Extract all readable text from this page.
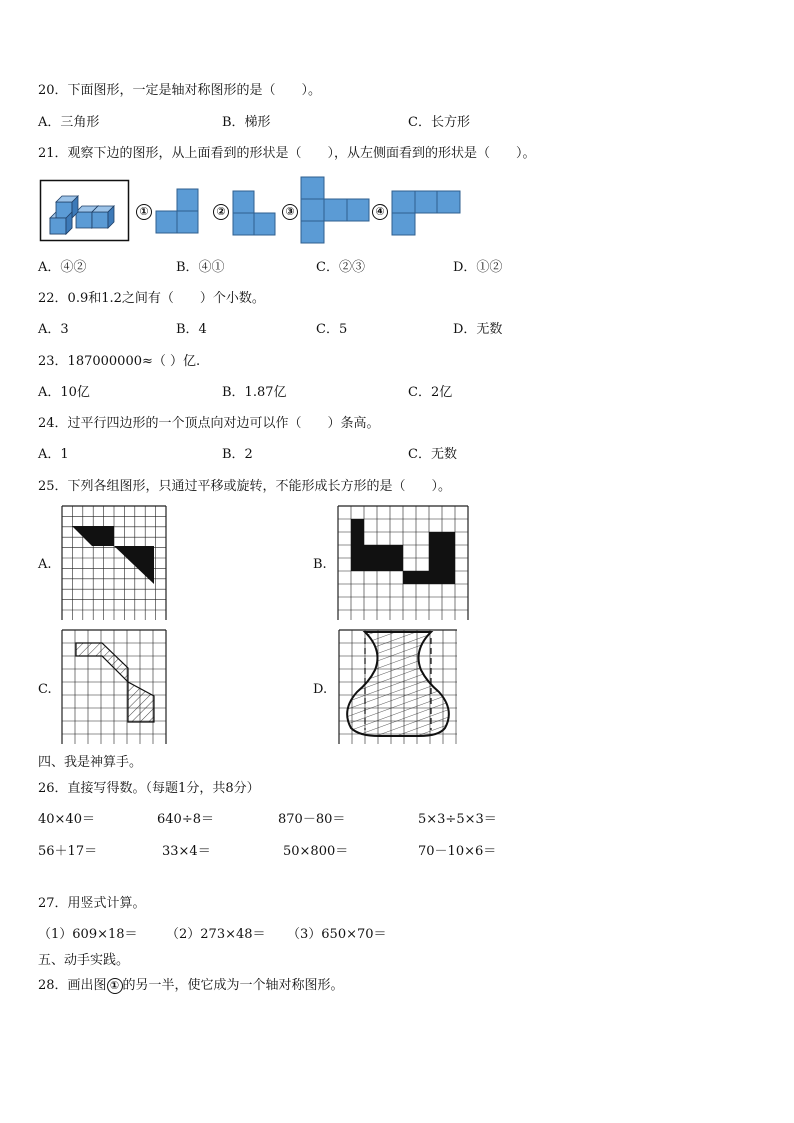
20．下面图形，一定是轴对称图形的是（　　）。
A．三角形	B．梯形	C．长方形
21．观察下边的图形，从上面看到的形状是（　　），从左侧面看到的形状是（　　）。
①	②	③	④
A．④②	B．④①	C．②③	D．①②
22．0.9和1.2之间有（　　）个小数。
A．3	B．4	C．5	D．无数
23．187000000≈（ ）亿.
A．10亿	B．1.87亿	C．2亿
24．过平行四边形的一个顶点向对边可以作（　　）条高。
A．1	B．2	C．无数
25．下列各组图形，只通过平移或旋转，不能形成长方形的是（　　）。
A.	B.
C.	D.
四、我是神算手。
26．直接写得数。（每题1分，共8分）
40×40＝	640÷8＝	870－80＝	5×3÷5×3＝
56＋17＝	33×4＝	50×800＝	70－10×6＝
27．用竖式计算。
（1）609×18＝ （2）273×48＝ （3）650×70＝
五、动手实践。
28．画出图 ① 的另一半，使它成为一个轴对称图形。
